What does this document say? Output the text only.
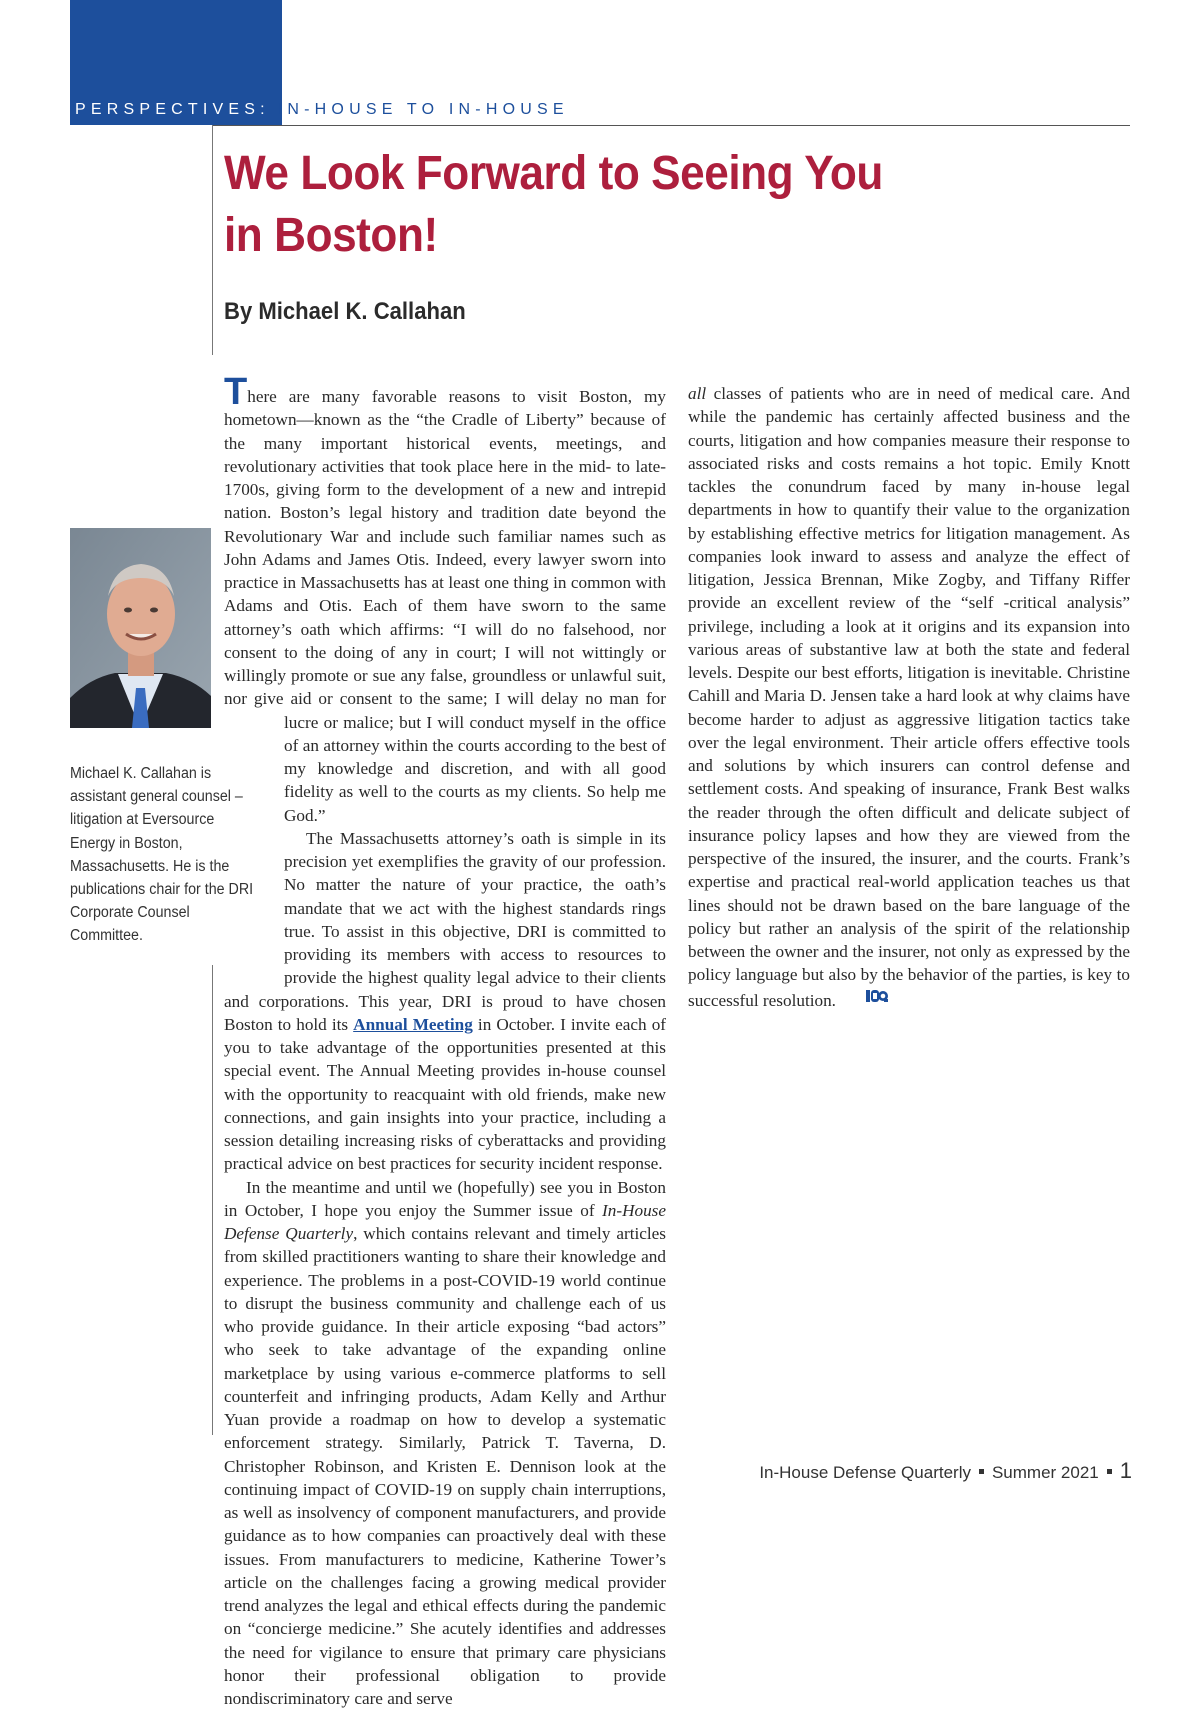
PERSPECTIVES: IN-HOUSE TO IN-HOUSE
We Look Forward to Seeing You in Boston!
By Michael K. Callahan

Michael K. Callahan is assistant general counsel – litigation at Eversource Energy in Boston, Massachusetts. He is the publications chair for the DRI Corporate Counsel Committee.

There are many favorable reasons to visit Boston, my hometown—known as the “the Cradle of Liberty” because of the many important historical events, meetings, and revolutionary activities that took place here in the mid- to late-1700s, giving form to the development of a new and intrepid nation. Boston’s legal history and tradition date beyond the Revolutionary War and include such familiar names such as John Adams and James Otis. Indeed, every lawyer sworn into practice in Massachusetts has at least one thing in common with Adams and Otis. Each of them have sworn to the same attorney’s oath which affirms: “I will do no falsehood, nor consent to the doing of any in court; I will not wittingly or willingly promote or sue any false, groundless or unlawful suit, nor give aid or consent to the same; I will delay no man for lucre or malice; but I will conduct myself in the office of an attorney within the courts according to the best of my knowledge and discretion, and with all good fidelity as well to the courts as my clients. So help me God.”

The Massachusetts attorney’s oath is simple in its precision yet exemplifies the gravity of our profession. No matter the nature of your practice, the oath’s mandate that we act with the highest standards rings true. To assist in this objective, DRI is committed to providing its members with access to resources to provide the highest quality legal advice to their clients and corporations. This year, DRI is proud to have chosen Boston to hold its Annual Meeting in October. I invite each of you to take advantage of the opportunities presented at this special event. The Annual Meeting provides in-house counsel with the opportunity to reacquaint with old friends, make new connections, and gain insights into your practice, including a session detailing increasing risks of cyberattacks and providing practical advice on best practices for security incident response.

In the meantime and until we (hopefully) see you in Boston in October, I hope you enjoy the Summer issue of In-House Defense Quarterly, which contains relevant and timely articles from skilled practitioners wanting to share their knowledge and experience. The problems in a post-COVID-19 world continue to disrupt the business community and challenge each of us who provide guidance. In their article exposing “bad actors” who seek to take advantage of the expanding online marketplace by using various e-commerce platforms to sell counterfeit and infringing products, Adam Kelly and Arthur Yuan provide a roadmap on how to develop a systematic enforcement strategy. Similarly, Patrick T. Taverna, D. Christopher Robinson, and Kristen E. Dennison look at the continuing impact of COVID-19 on supply chain interruptions, as well as insolvency of component manufacturers, and provide guidance as to how companies can proactively deal with these issues. From manufacturers to medicine, Katherine Tower’s article on the challenges facing a growing medical provider trend analyzes the legal and ethical effects during the pandemic on “concierge medicine.” She acutely identifies and addresses the need for vigilance to ensure that primary care physicians honor their professional obligation to provide nondiscriminatory care and serve

all classes of patients who are in need of medical care. And while the pandemic has certainly affected business and the courts, litigation and how companies measure their response to associated risks and costs remains a hot topic. Emily Knott tackles the conundrum faced by many in-house legal departments in how to quantify their value to the organization by establishing effective metrics for litigation management. As companies look inward to assess and analyze the effect of litigation, Jessica Brennan, Mike Zogby, and Tiffany Riffer provide an excellent review of the “self -critical analysis” privilege, including a look at it origins and its expansion into various areas of substantive law at both the state and federal levels. Despite our best efforts, litigation is inevitable. Christine Cahill and Maria D. Jensen take a hard look at why claims have become harder to adjust as aggressive litigation tactics take over the legal environment. Their article offers effective tools and solutions by which insurers can control defense and settlement costs. And speaking of insurance, Frank Best walks the reader through the often difficult and delicate subject of insurance policy lapses and how they are viewed from the perspective of the insured, the insurer, and the courts. Frank’s expertise and practical real-world application teaches us that lines should not be drawn based on the bare language of the policy but rather an analysis of the spirit of the relationship between the owner and the insurer, not only as expressed by the policy language but also by the behavior of the parties, is key to successful resolution.

In-House Defense Quarterly Summer 2021 1
